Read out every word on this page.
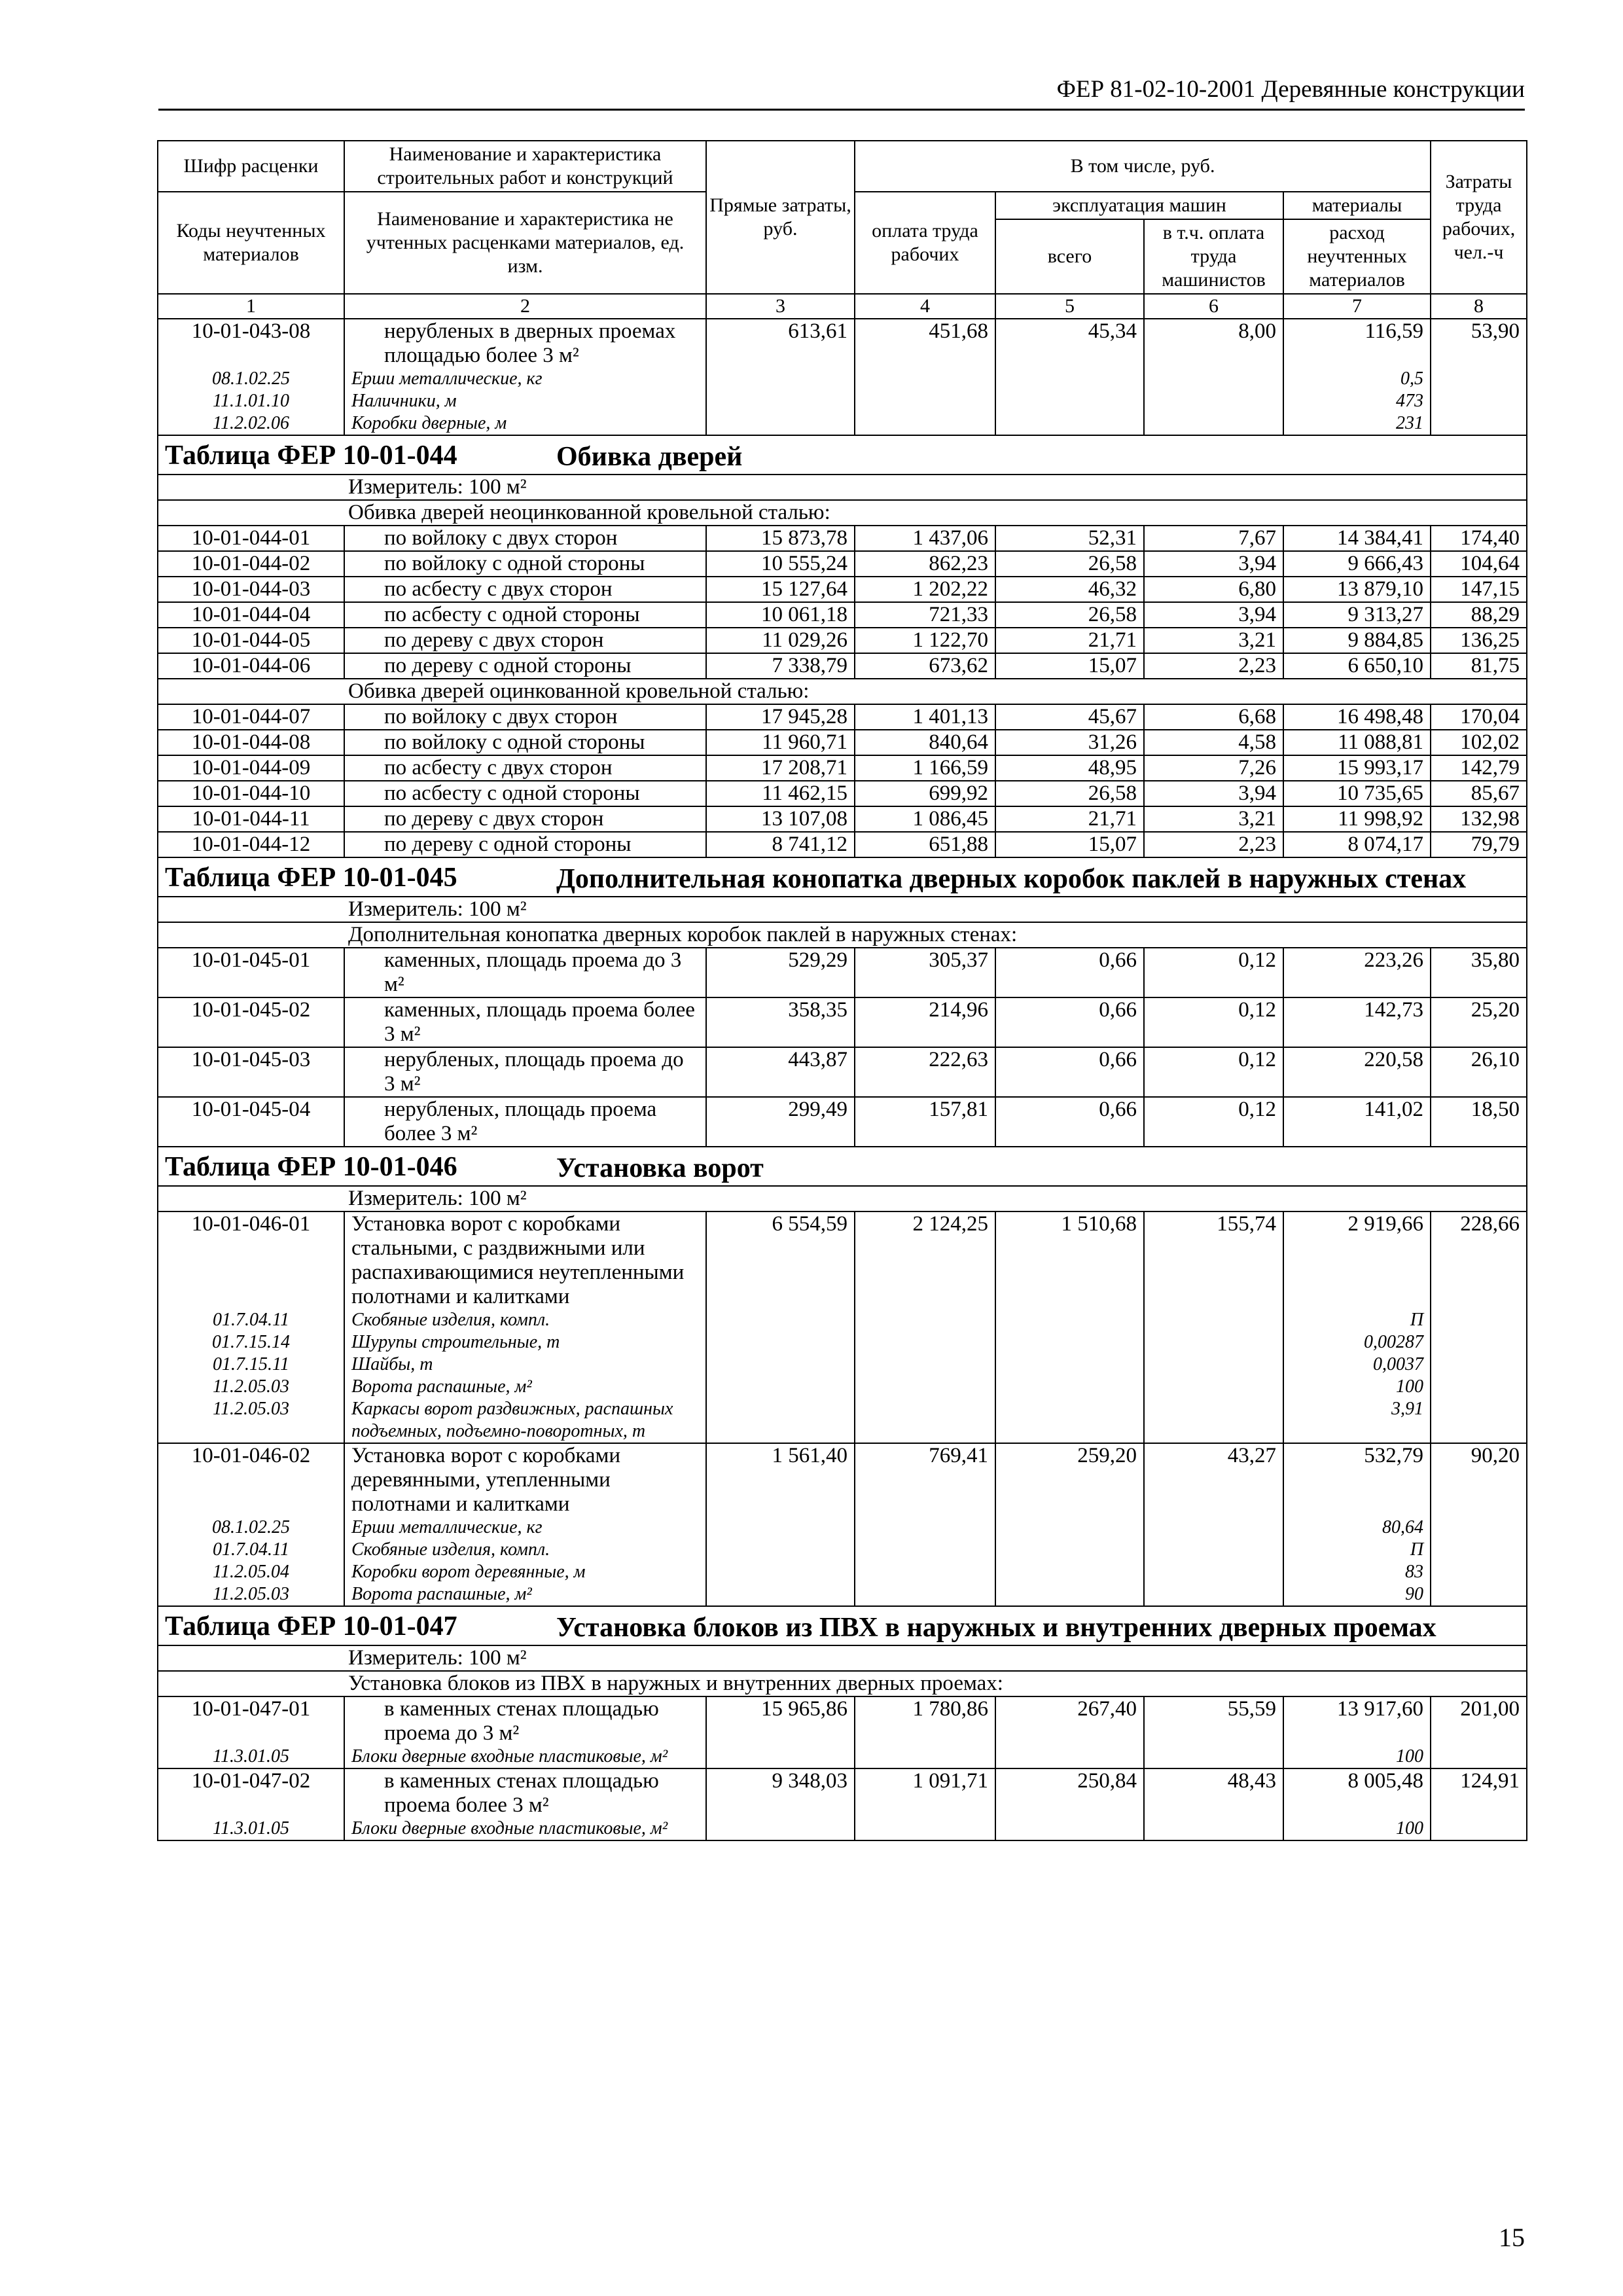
ФЕР 81-02-10-2001 Деревянные конструкции
Шифр расценки	Наименование и характеристика строительных работ и конструкций	Прямые затраты, руб.	В том числе, руб.				Затраты труда рабочих, чел.-ч
Коды неучтенных материалов	Наименование и характеристика не учтенных расценками материалов, ед. изм.		оплата труда рабочих	эксплуатация машин		материалы	
				всего	в т.ч. оплата труда машинистов	расход неучтенных материалов	
1	2	3	4	5	6	7	8
10-01-043-08	нерубленых в дверных проемах площадью более 3 м²	613,61	451,68	45,34	8,00	116,59	53,90
08.1.02.25	Ерши металлические, кг					0,5	
11.1.01.10	Наличники, м					473	
11.2.02.06	Коробки дверные, м					231	
Таблица ФЕР 10-01-044 Обивка дверей							
Измеритель: 100 м²							
Обивка дверей неоцинкованной кровельной сталью:							
10-01-044-01	по войлоку с двух сторон	15 873,78	1 437,06	52,31	7,67	14 384,41	174,40
10-01-044-02	по войлоку с одной стороны	10 555,24	862,23	26,58	3,94	9 666,43	104,64
10-01-044-03	по асбесту с двух сторон	15 127,64	1 202,22	46,32	6,80	13 879,10	147,15
10-01-044-04	по асбесту с одной стороны	10 061,18	721,33	26,58	3,94	9 313,27	88,29
10-01-044-05	по дереву с двух сторон	11 029,26	1 122,70	21,71	3,21	9 884,85	136,25
10-01-044-06	по дереву с одной стороны	7 338,79	673,62	15,07	2,23	6 650,10	81,75
Обивка дверей оцинкованной кровельной сталью:							
10-01-044-07	по войлоку с двух сторон	17 945,28	1 401,13	45,67	6,68	16 498,48	170,04
10-01-044-08	по войлоку с одной стороны	11 960,71	840,64	31,26	4,58	11 088,81	102,02
10-01-044-09	по асбесту с двух сторон	17 208,71	1 166,59	48,95	7,26	15 993,17	142,79
10-01-044-10	по асбесту с одной стороны	11 462,15	699,92	26,58	3,94	10 735,65	85,67
10-01-044-11	по дереву с двух сторон	13 107,08	1 086,45	21,71	3,21	11 998,92	132,98
10-01-044-12	по дереву с одной стороны	8 741,12	651,88	15,07	2,23	8 074,17	79,79
Таблица ФЕР 10-01-045 Дополнительная конопатка дверных коробок паклей в наружных стенах							
Измеритель: 100 м²							
Дополнительная конопатка дверных коробок паклей в наружных стенах:							
10-01-045-01	каменных, площадь проема до 3 м²	529,29	305,37	0,66	0,12	223,26	35,80
10-01-045-02	каменных, площадь проема более 3 м²	358,35	214,96	0,66	0,12	142,73	25,20
10-01-045-03	нерубленых, площадь проема до 3 м²	443,87	222,63	0,66	0,12	220,58	26,10
10-01-045-04	нерубленых, площадь проема более 3 м²	299,49	157,81	0,66	0,12	141,02	18,50
Таблица ФЕР 10-01-046 Установка ворот							
Измеритель: 100 м²							
10-01-046-01	Установка ворот с коробками стальными, с раздвижными или распахивающимися неутепленными полотнами и калитками	6 554,59	2 124,25	1 510,68	155,74	2 919,66	228,66
01.7.04.11	Скобяные изделия, компл.					П	
01.7.15.14	Шурупы строительные, т					0,00287	
01.7.15.11	Шайбы, т					0,0037	
11.2.05.03	Ворота распашные, м²					100	
11.2.05.03	Каркасы ворот раздвижных, распашных подъемных, подъемно-поворотных, т					3,91	
10-01-046-02	Установка ворот с коробками деревянными, утепленными полотнами и калитками	1 561,40	769,41	259,20	43,27	532,79	90,20
08.1.02.25	Ерши металлические, кг					80,64	
01.7.04.11	Скобяные изделия, компл.					П	
11.2.05.04	Коробки ворот деревянные, м					83	
11.2.05.03	Ворота распашные, м²					90	
Таблица ФЕР 10-01-047 Установка блоков из ПВХ в наружных и внутренних дверных проемах							
Измеритель: 100 м²							
Установка блоков из ПВХ в наружных и внутренних дверных проемах:							
10-01-047-01	в каменных стенах площадью проема до 3 м²	15 965,86	1 780,86	267,40	55,59	13 917,60	201,00
11.3.01.05	Блоки дверные входные пластиковые, м²					100	
10-01-047-02	в каменных стенах площадью проема более 3 м²	9 348,03	1 091,71	250,84	48,43	8 005,48	124,91
11.3.01.05	Блоки дверные входные пластиковые, м²					100	
15
